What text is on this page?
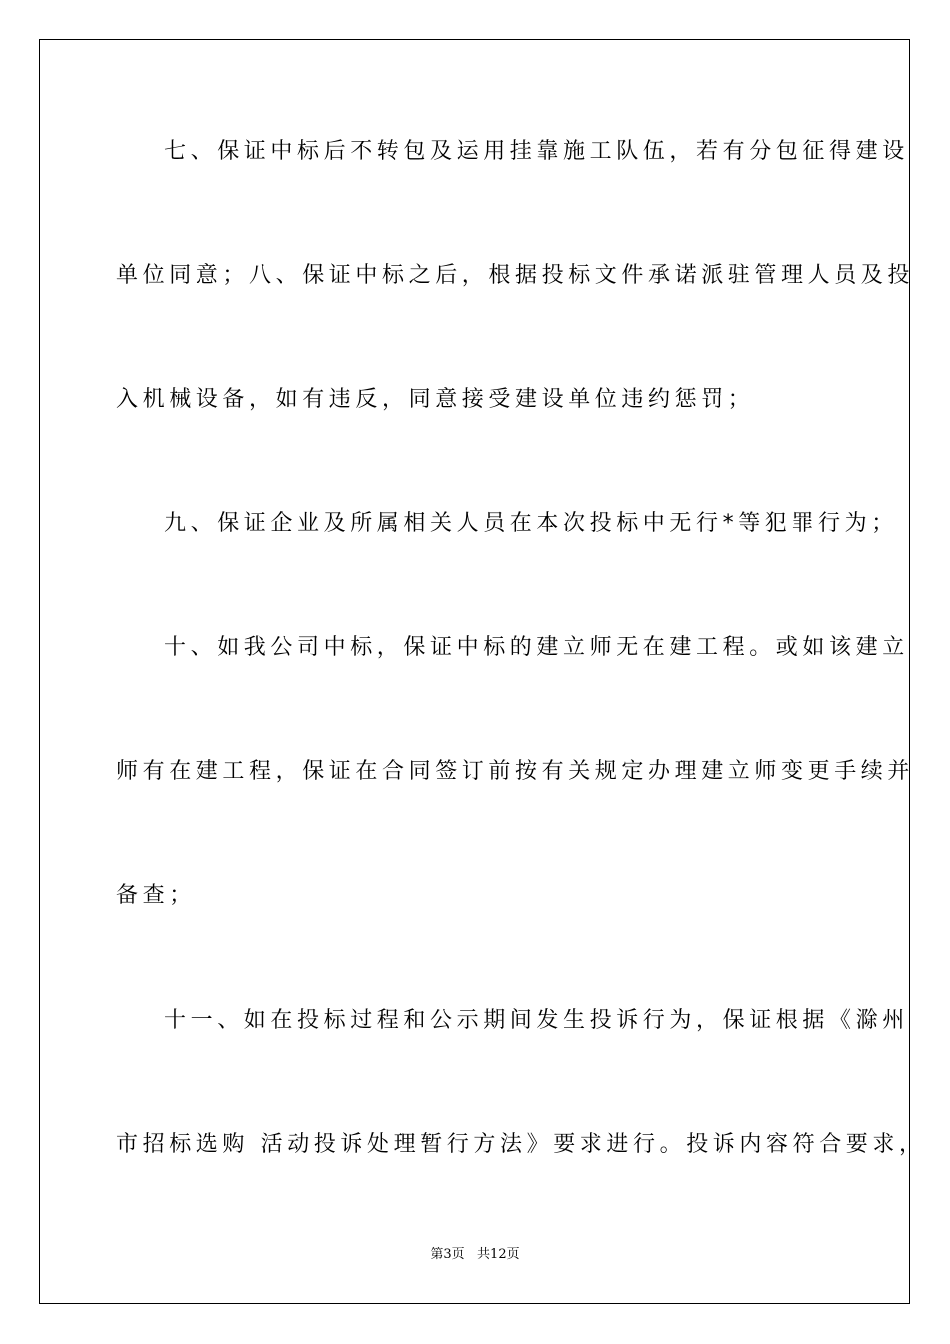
七、保证中标后不转包及运用挂靠施工队伍，若有分包征得建设
单位同意；八、保证中标之后，根据投标文件承诺派驻管理人员及投
入机械设备，如有违反，同意接受建设单位违约惩罚；
九、保证企业及所属相关人员在本次投标中无行*等犯罪行为；
十、如我公司中标，保证中标的建立师无在建工程。或如该建立
师有在建工程，保证在合同签订前按有关规定办理建立师变更手续并
备查；
十一、如在投标过程和公示期间发生投诉行为，保证根据《滁州
市招标选购 活动投诉处理暂行方法》要求进行。投诉内容符合要求，
第3页   共12页
